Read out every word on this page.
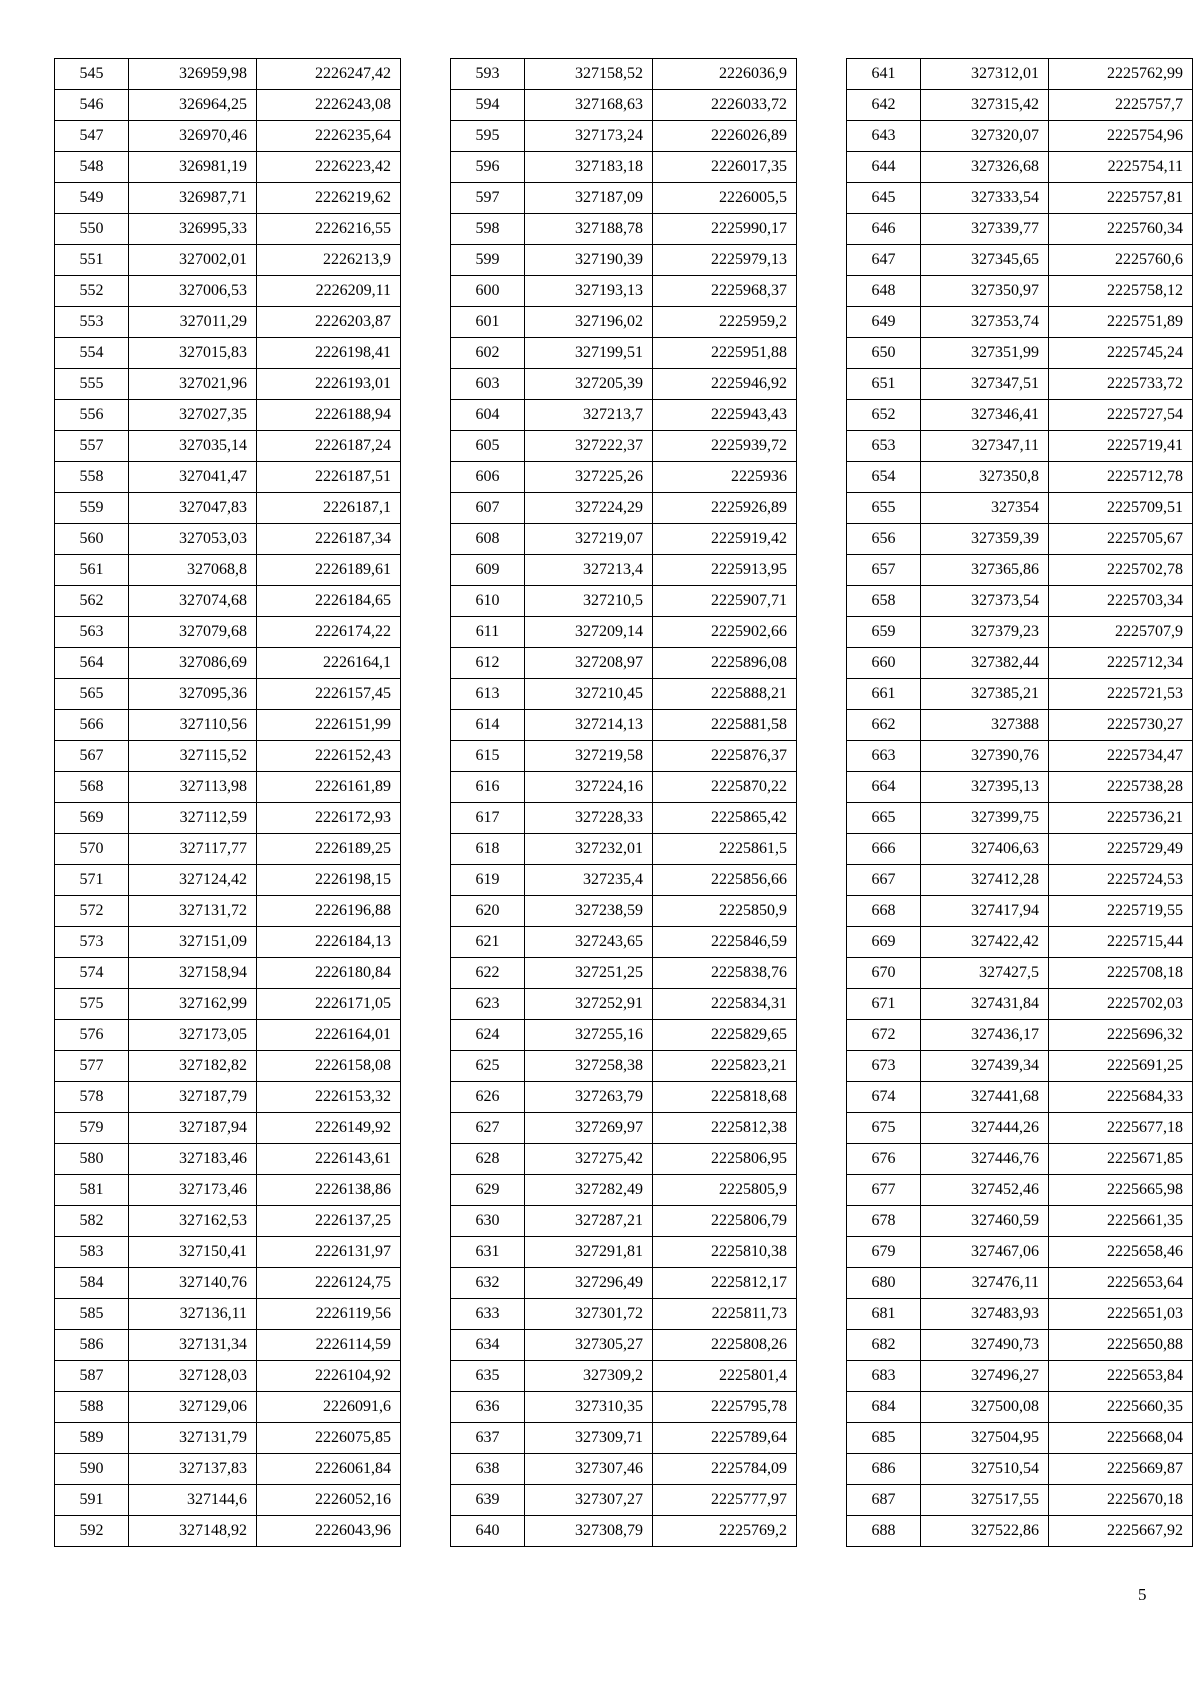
545	326959,98	2226247,42
546	326964,25	2226243,08
547	326970,46	2226235,64
548	326981,19	2226223,42
549	326987,71	2226219,62
550	326995,33	2226216,55
551	327002,01	2226213,9
552	327006,53	2226209,11
553	327011,29	2226203,87
554	327015,83	2226198,41
555	327021,96	2226193,01
556	327027,35	2226188,94
557	327035,14	2226187,24
558	327041,47	2226187,51
559	327047,83	2226187,1
560	327053,03	2226187,34
561	327068,8	2226189,61
562	327074,68	2226184,65
563	327079,68	2226174,22
564	327086,69	2226164,1
565	327095,36	2226157,45
566	327110,56	2226151,99
567	327115,52	2226152,43
568	327113,98	2226161,89
569	327112,59	2226172,93
570	327117,77	2226189,25
571	327124,42	2226198,15
572	327131,72	2226196,88
573	327151,09	2226184,13
574	327158,94	2226180,84
575	327162,99	2226171,05
576	327173,05	2226164,01
577	327182,82	2226158,08
578	327187,79	2226153,32
579	327187,94	2226149,92
580	327183,46	2226143,61
581	327173,46	2226138,86
582	327162,53	2226137,25
583	327150,41	2226131,97
584	327140,76	2226124,75
585	327136,11	2226119,56
586	327131,34	2226114,59
587	327128,03	2226104,92
588	327129,06	2226091,6
589	327131,79	2226075,85
590	327137,83	2226061,84
591	327144,6	2226052,16
592	327148,92	2226043,96
593	327158,52	2226036,9
594	327168,63	2226033,72
595	327173,24	2226026,89
596	327183,18	2226017,35
597	327187,09	2226005,5
598	327188,78	2225990,17
599	327190,39	2225979,13
600	327193,13	2225968,37
601	327196,02	2225959,2
602	327199,51	2225951,88
603	327205,39	2225946,92
604	327213,7	2225943,43
605	327222,37	2225939,72
606	327225,26	2225936
607	327224,29	2225926,89
608	327219,07	2225919,42
609	327213,4	2225913,95
610	327210,5	2225907,71
611	327209,14	2225902,66
612	327208,97	2225896,08
613	327210,45	2225888,21
614	327214,13	2225881,58
615	327219,58	2225876,37
616	327224,16	2225870,22
617	327228,33	2225865,42
618	327232,01	2225861,5
619	327235,4	2225856,66
620	327238,59	2225850,9
621	327243,65	2225846,59
622	327251,25	2225838,76
623	327252,91	2225834,31
624	327255,16	2225829,65
625	327258,38	2225823,21
626	327263,79	2225818,68
627	327269,97	2225812,38
628	327275,42	2225806,95
629	327282,49	2225805,9
630	327287,21	2225806,79
631	327291,81	2225810,38
632	327296,49	2225812,17
633	327301,72	2225811,73
634	327305,27	2225808,26
635	327309,2	2225801,4
636	327310,35	2225795,78
637	327309,71	2225789,64
638	327307,46	2225784,09
639	327307,27	2225777,97
640	327308,79	2225769,2
641	327312,01	2225762,99
642	327315,42	2225757,7
643	327320,07	2225754,96
644	327326,68	2225754,11
645	327333,54	2225757,81
646	327339,77	2225760,34
647	327345,65	2225760,6
648	327350,97	2225758,12
649	327353,74	2225751,89
650	327351,99	2225745,24
651	327347,51	2225733,72
652	327346,41	2225727,54
653	327347,11	2225719,41
654	327350,8	2225712,78
655	327354	2225709,51
656	327359,39	2225705,67
657	327365,86	2225702,78
658	327373,54	2225703,34
659	327379,23	2225707,9
660	327382,44	2225712,34
661	327385,21	2225721,53
662	327388	2225730,27
663	327390,76	2225734,47
664	327395,13	2225738,28
665	327399,75	2225736,21
666	327406,63	2225729,49
667	327412,28	2225724,53
668	327417,94	2225719,55
669	327422,42	2225715,44
670	327427,5	2225708,18
671	327431,84	2225702,03
672	327436,17	2225696,32
673	327439,34	2225691,25
674	327441,68	2225684,33
675	327444,26	2225677,18
676	327446,76	2225671,85
677	327452,46	2225665,98
678	327460,59	2225661,35
679	327467,06	2225658,46
680	327476,11	2225653,64
681	327483,93	2225651,03
682	327490,73	2225650,88
683	327496,27	2225653,84
684	327500,08	2225660,35
685	327504,95	2225668,04
686	327510,54	2225669,87
687	327517,55	2225670,18
688	327522,86	2225667,92
5
